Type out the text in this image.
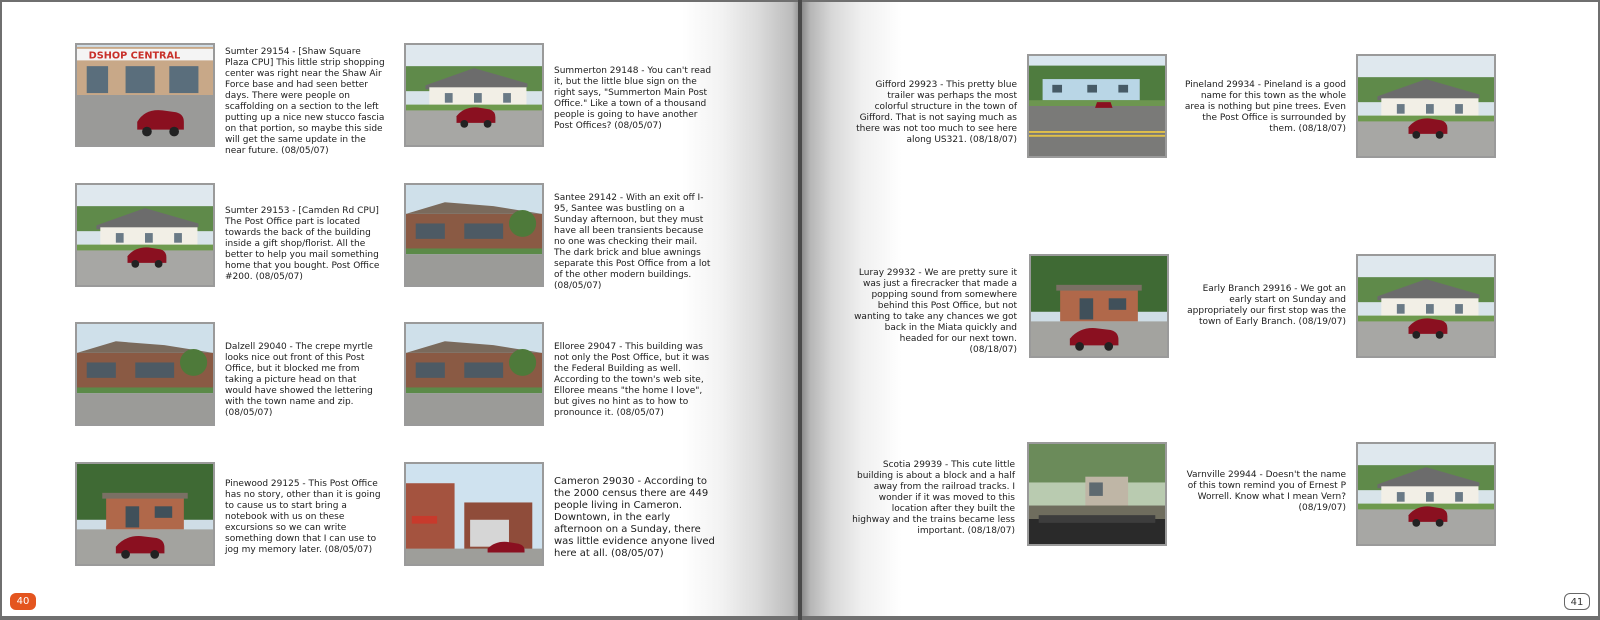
Sumter 29154 - [Shaw Square Plaza CPU] This little strip shopping center was right near the Shaw Air Force base and had seen better days. There were people on scaffolding on a section to the left putting up a nice new stucco fascia on that portion, so maybe this side will get the same update in the near future. (08/05/07)
Summerton 29148 - You can't read it, but the little blue sign on the right says, "Summerton Main Post Office." Like a town of a thousand people is going to have another Post Offices? (08/05/07)
Sumter 29153 - [Camden Rd CPU] The Post Office part is located towards the back of the building inside a gift shop/florist. All the better to help you mail something home that you bought. Post Office #200. (08/05/07)
Santee 29142 - With an exit off I-95, Santee was bustling on a Sunday afternoon, but they must have all been transients because no one was checking their mail. The dark brick and blue awnings separate this Post Office from a lot of the other modern buildings. (08/05/07)
Dalzell 29040 - The crepe myrtle looks nice out front of this Post Office, but it blocked me from taking a picture head on that would have showed the lettering with the town name and zip. (08/05/07)
Elloree 29047 - This building was not only the Post Office, but it was the Federal Building as well. According to the town's web site, Elloree means "the home I love", but gives no hint as to how to pronounce it. (08/05/07)
Pinewood 29125 - This Post Office has no story, other than it is going to cause us to start bring a notebook with us on these excursions so we can write something down that I can use to jog my memory later. (08/05/07)
Cameron 29030 - According to the 2000 census there are 449 people living in Cameron. Downtown, in the early afternoon on a Sunday, there was little evidence anyone lived here at all. (08/05/07)
40
Gifford 29923 - This pretty blue trailer was perhaps the most colorful structure in the town of Gifford. That is not saying much as there was not too much to see here along US321. (08/18/07)
Pineland 29934 - Pineland is a good name for this town as the whole area is nothing but pine trees. Even the Post Office is surrounded by them. (08/18/07)
Luray 29932 - We are pretty sure it was just a firecracker that made a popping sound from somewhere behind this Post Office, but not wanting to take any chances we got back in the Miata quickly and headed for our next town. (08/18/07)
Early Branch 29916 - We got an early start on Sunday and appropriately our first stop was the town of Early Branch. (08/19/07)
Scotia 29939 - This cute little building is about a block and a half away from the railroad tracks. I wonder if it was moved to this location after they built the highway and the trains became less important. (08/18/07)
Varnville 29944 - Doesn't the name of this town remind you of Ernest P Worrell. Know what I mean Vern? (08/19/07)
41
